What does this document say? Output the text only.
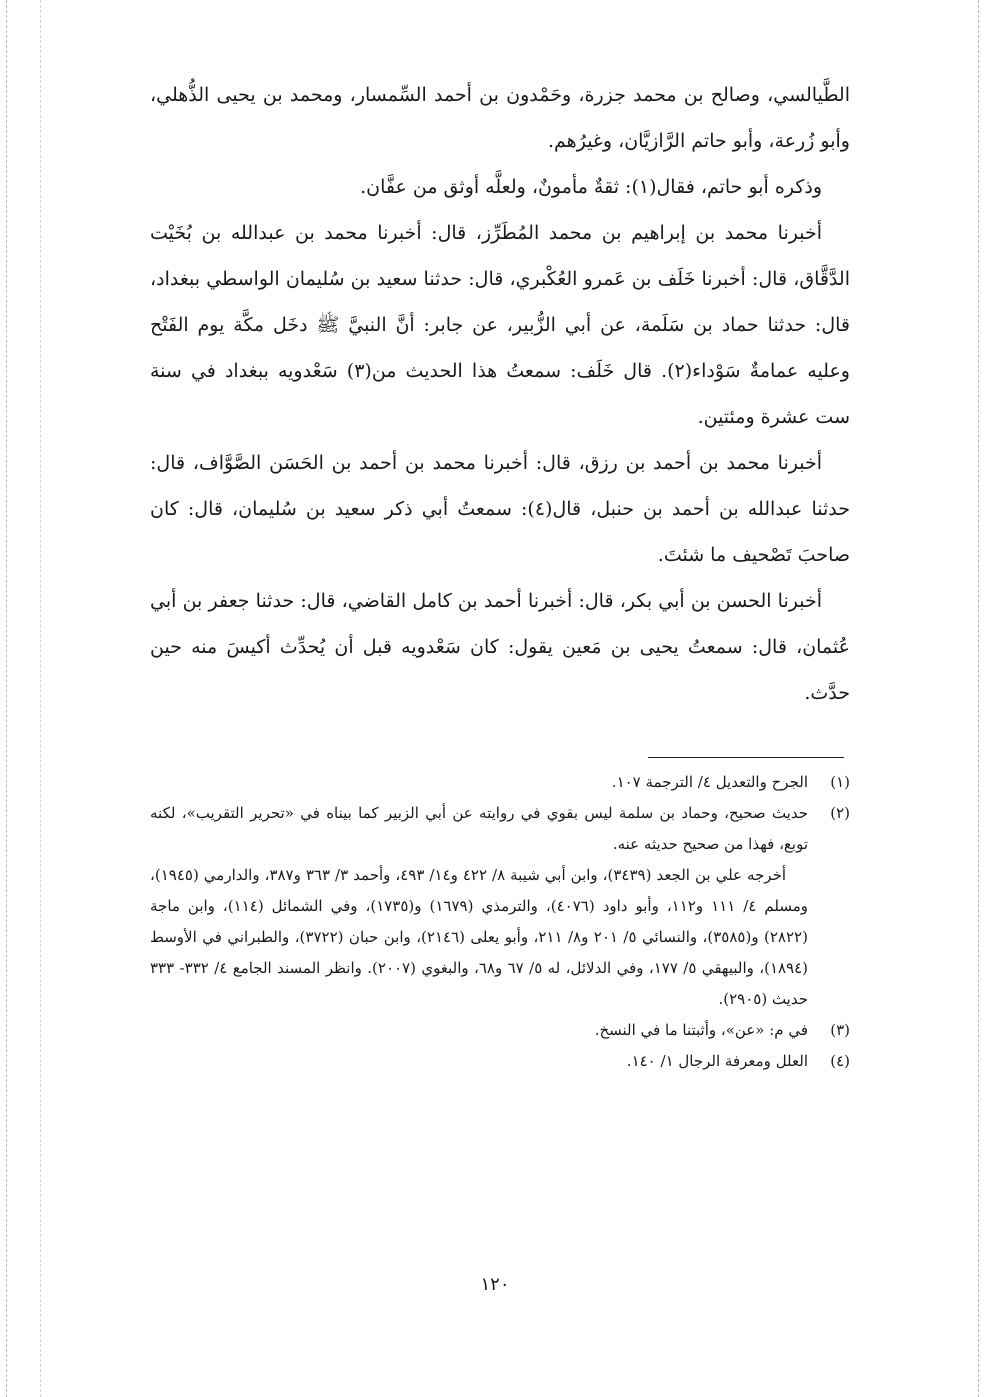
الطَّيالسي، وصالح بن محمد جزرة، وحَمْدون بن أحمد السِّمسار، ومحمد بن يحيى الذُّهلي، وأبو زُرعة، وأبو حاتم الرَّازيَّان، وغيرُهم.

وذكره أبو حاتم، فقال(١): ثقةٌ مأمونٌ، ولعلَّه أوثق من عفَّان.

أخبرنا محمد بن إبراهيم بن محمد المُطَرِّز، قال: أخبرنا محمد بن عبدالله بن بُخَيْت الدَّقَّاق، قال: أخبرنا خَلَف بن عَمرو العُكْبري، قال: حدثنا سعيد بن سُليمان الواسطي ببغداد، قال: حدثنا حماد بن سَلَمة، عن أبي الزُّبير، عن جابر: أنَّ النبيَّ ﷺ دخَل مكَّة يوم الفَتْح وعليه عمامةٌ سَوْداء(٢). قال خَلَف: سمعتُ هذا الحديث من(٣) سَعْدويه ببغداد في سنة ست عشرة ومئتين.

أخبرنا محمد بن أحمد بن رزق، قال: أخبرنا محمد بن أحمد بن الحَسَن الصَّوَّاف، قال: حدثنا عبدالله بن أحمد بن حنبل، قال(٤): سمعتُ أبي ذكر سعيد بن سُليمان، قال: كان صاحبَ تَصْحيف ما شئتَ.

أخبرنا الحسن بن أبي بكر، قال: أخبرنا أحمد بن كامل القاضي، قال: حدثنا جعفر بن أبي عُثمان، قال: سمعتُ يحيى بن مَعين يقول: كان سَعْدويه قبل أن يُحدِّث أكيسَ منه حين حدَّث.

(١)

الجرح والتعديل ٤/ الترجمة ١٠٧.

(٢)

حديث صحيح، وحماد بن سلمة ليس بقوي في روايته عن أبي الزبير كما بيناه في «تحرير التقريب»، لكنه توبع، فهذا من صحيح حديثه عنه.

أخرجه علي بن الجعد (٣٤٣٩)، وابن أبي شيبة ٨/ ٤٢٢ و١٤/ ٤٩٣، وأحمد ٣/ ٣٦٣ و٣٨٧، والدارمي (١٩٤٥)، ومسلم ٤/ ١١١ و١١٢، وأبو داود (٤٠٧٦)، والترمذي (١٦٧٩) و(١٧٣٥)، وفي الشمائل (١١٤)، وابن ماجة (٢٨٢٢) و(٣٥٨٥)، والنسائي ٥/ ٢٠١ و٨/ ٢١١، وأبو يعلى (٢١٤٦)، وابن حبان (٣٧٢٢)، والطبراني في الأوسط (١٨٩٤)، والبيهقي ٥/ ١٧٧، وفي الدلائل، له ٥/ ٦٧ و٦٨، والبغوي (٢٠٠٧). وانظر المسند الجامع ٤/ ٣٣٢- ٣٣٣ حديث (٢٩٠٥).

(٣)

في م: «عن»، وأثبتنا ما في النسخ.

(٤)

العلل ومعرفة الرجال ١/ ١٤٠.

١٢٠
